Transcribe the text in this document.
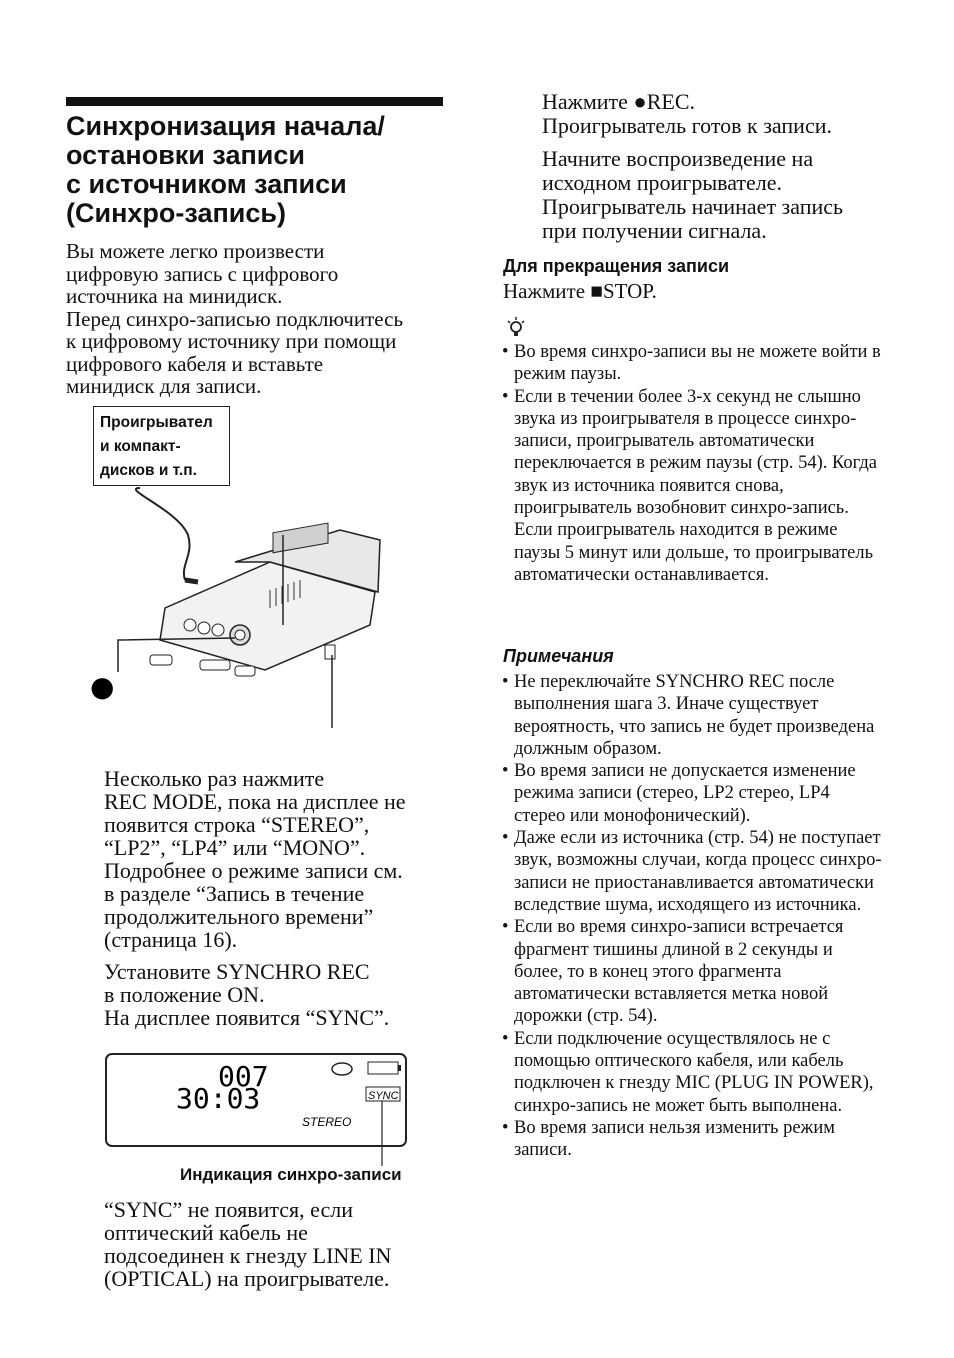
Синхронизация начала/
остановки записи
с источником записи
(Синхро-запись)
Вы можете легко произвести
цифровую запись с цифрового
источника на минидиск.
Перед синхро-записью подключитесь
к цифровому источнику при помощи
цифрового кабеля и вставьте
минидиск для записи.
Проигрывател
и компакт-
дисков и т.п.
●
Несколько раз нажмите
REC MODE, пока на дисплее не
появится строка “STEREO”,
“LP2”, “LP4” или “MONO”.
Подробнее о режиме записи см.
в разделе “Запись в течение
продолжительного времени”
(страница 16).
Установите SYNCHRO REC
в положение ON.
На дисплее появится “SYNC”.
007
30:03	SYNC
STEREO
Индикация синхро-записи
“SYNC” не появится, если
оптический кабель не
подсоединен к гнезду LINE IN
(OPTICAL) на проигрывателе.
Нажмите ●REC.
Проигрыватель готов к записи.
Начните воспроизведение на
исходном проигрывателе.
Проигрыватель начинает запись
при получении сигнала.
Для прекращения записи
Нажмите ■STOP.
• Во время синхро-записи вы не можете войти в режим паузы.
• Если в течении более 3-х секунд не слышно звука из проигрывателя в процессе синхро-записи, проигрыватель автоматически переключается в режим паузы (стр. 54). Когда звук из источника появится снова, проигрыватель возобновит синхро-запись. Если проигрыватель находится в режиме паузы 5 минут или дольше, то проигрыватель автоматически останавливается.
Примечания
• Не переключайте SYNCHRO REC после выполнения шага 3. Иначе существует вероятность, что запись не будет произведена должным образом.
• Во время записи не допускается изменение режима записи (стерео, LP2 стерео, LP4 стерео или монофонический).
• Даже если из источника (стр. 54) не поступает звук, возможны случаи, когда процесс синхро-записи не приостанавливается автоматически вследствие шума, исходящего из источника.
• Если во время синхро-записи встречается фрагмент тишины длиной в 2 секунды и более, то в конец этого фрагмента автоматически вставляется метка новой дорожки (стр. 54).
• Если подключение осуществлялось не с помощью оптического кабеля, или кабель подключен к гнезду MIC (PLUG IN POWER), синхро-запись не может быть выполнена.
• Во время записи нельзя изменить режим записи.
